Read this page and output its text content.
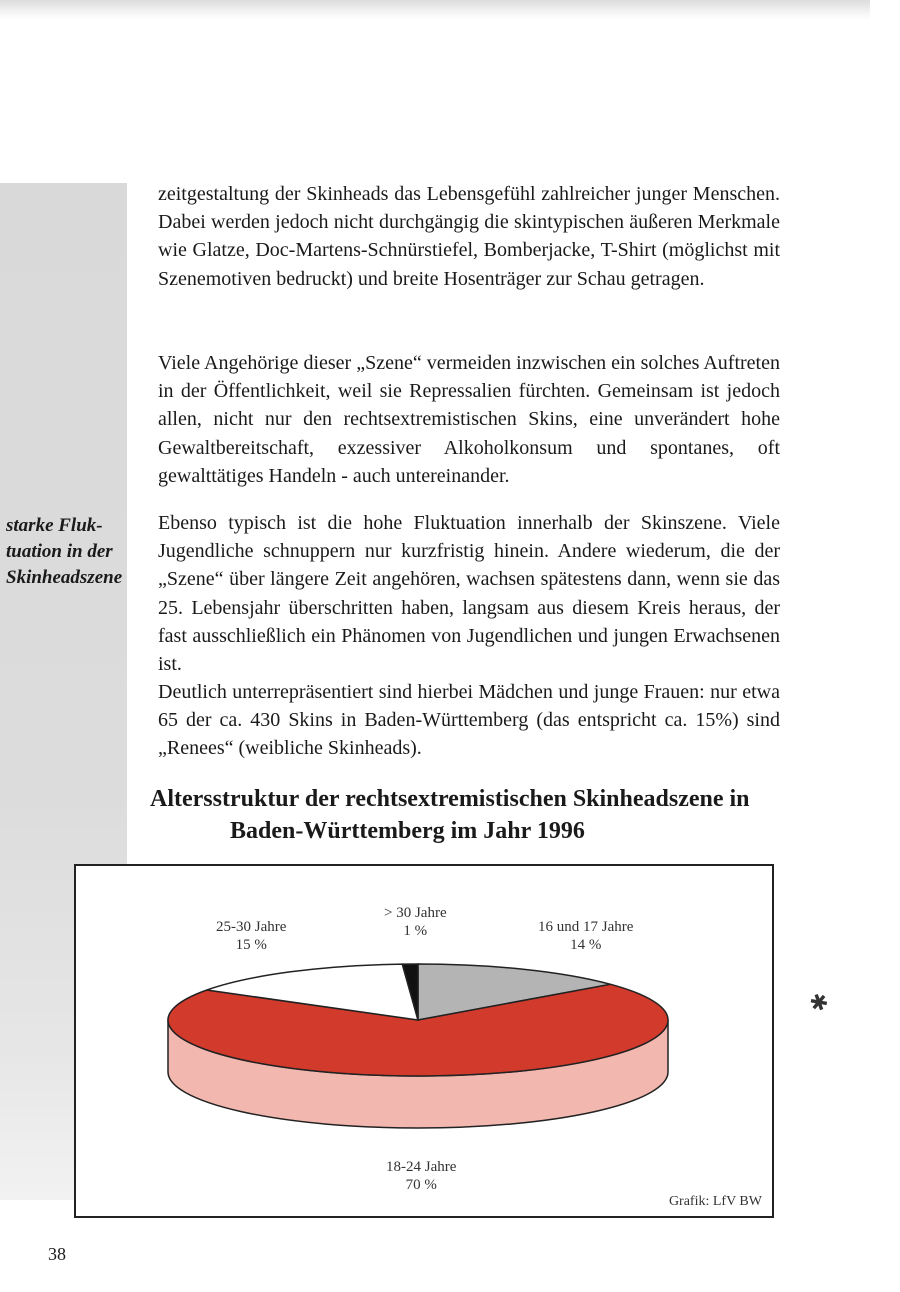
starke Fluk-
tuation in der
Skinheadszene

zeitgestaltung der Skinheads das Lebensgefühl zahlreicher junger Menschen. Dabei werden jedoch nicht durchgängig die skintypischen äußeren Merkmale wie Glatze, Doc-Martens-Schnürstiefel, Bomberjacke, T-Shirt (möglichst mit Szenemotiven bedruckt) und breite Hosenträger zur Schau getragen.

Viele Angehörige dieser „Szene“ vermeiden inzwischen ein solches Auftreten in der Öffentlichkeit, weil sie Repressalien fürchten. Gemeinsam ist jedoch allen, nicht nur den rechtsextremistischen Skins, eine unverändert hohe Gewaltbereitschaft, exzessiver Alkoholkonsum und spontanes, oft gewalttätiges Handeln - auch untereinander.

Ebenso typisch ist die hohe Fluktuation innerhalb der Skinszene. Viele Jugendliche schnuppern nur kurzfristig hinein. Andere wiederum, die der „Szene“ über längere Zeit angehören, wachsen spätestens dann, wenn sie das 25. Lebensjahr überschritten haben, langsam aus diesem Kreis heraus, der fast ausschließlich ein Phänomen von Jugendlichen und jungen Erwachsenen ist.

Deutlich unterrepräsentiert sind hierbei Mädchen und junge Frauen: nur etwa 65 der ca. 430 Skins in Baden-Württemberg (das entspricht ca. 15%) sind „Renees“ (weibliche Skinheads).

Altersstruktur der rechtsextremistischen Skinheadszene in
Baden-Württemberg im Jahr 1996
25-30 Jahre
15 %
> 30 Jahre
1 %	16 und 17 Jahre
14 %
18-24 Jahre
70 %
Grafik: LfV BW
✱
38
